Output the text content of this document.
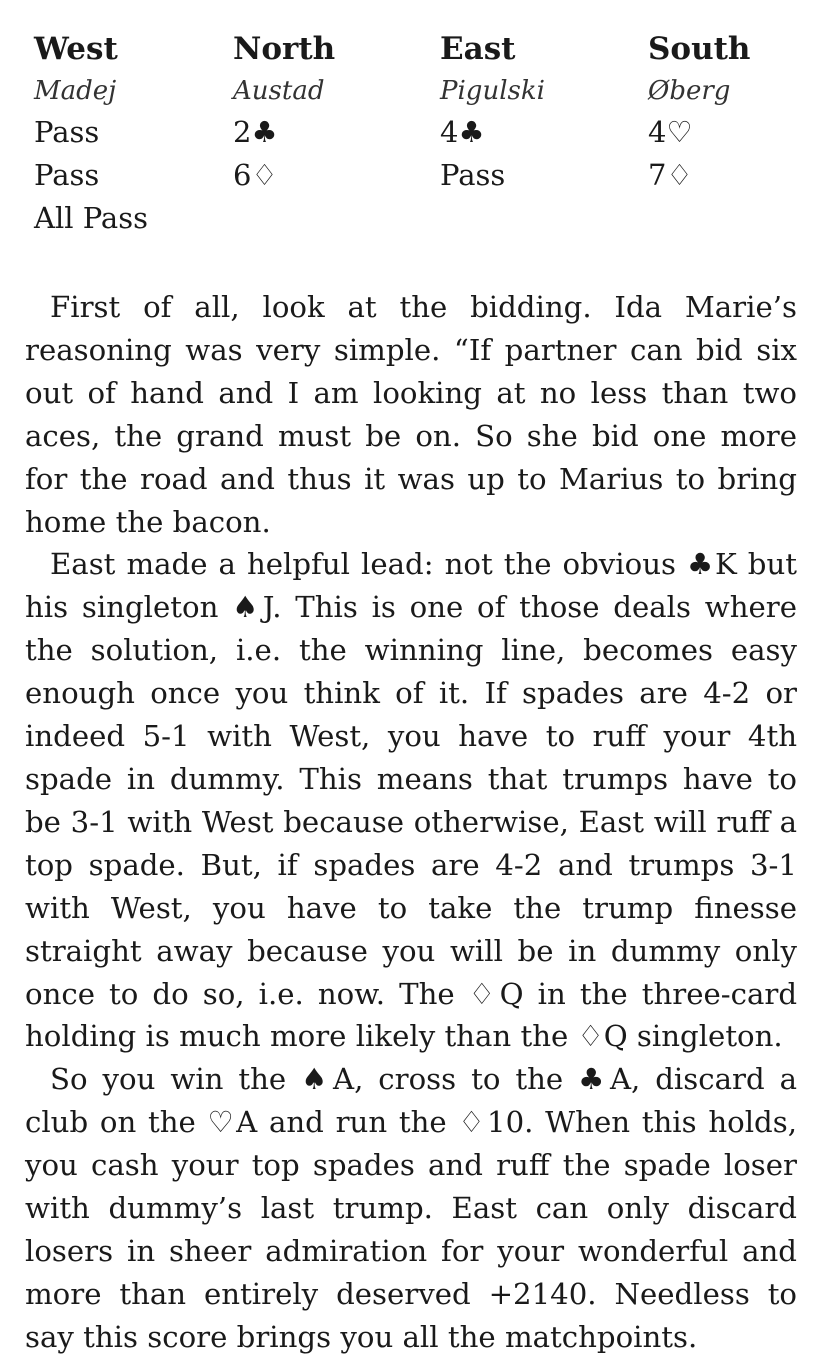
West	North	East	South
Madej	Austad	Pigulski	Øberg
Pass	2♣	4♣	4♡
Pass	6♢	Pass	7♢
All Pass

First of all, look at the bidding. Ida Marie’s reasoning was very simple. “If partner can bid six out of hand and I am looking at no less than two aces, the grand must be on. So she bid one more for the road and thus it was up to Marius to bring home the bacon.

East made a helpful lead: not the obvious ♣K but his singleton ♠J. This is one of those deals where the solution, i.e. the winning line, becomes easy enough once you think of it. If spades are 4-2 or indeed 5-1 with West, you have to ruff your 4th spade in dummy. This means that trumps have to be 3-1 with West because otherwise, East will ruff a top spade. But, if spades are 4-2 and trumps 3-1 with West, you have to take the trump finesse straight away because you will be in dummy only once to do so, i.e. now. The ♢Q in the three-card holding is much more likely than the ♢Q singleton.

So you win the ♠A, cross to the ♣A, discard a club on the ♡A and run the ♢10. When this holds, you cash your top spades and ruff the spade loser with dummy’s last trump. East can only discard losers in sheer admiration for your wonderful and more than entirely deserved +2140. Needless to say this score brings you all the matchpoints.
